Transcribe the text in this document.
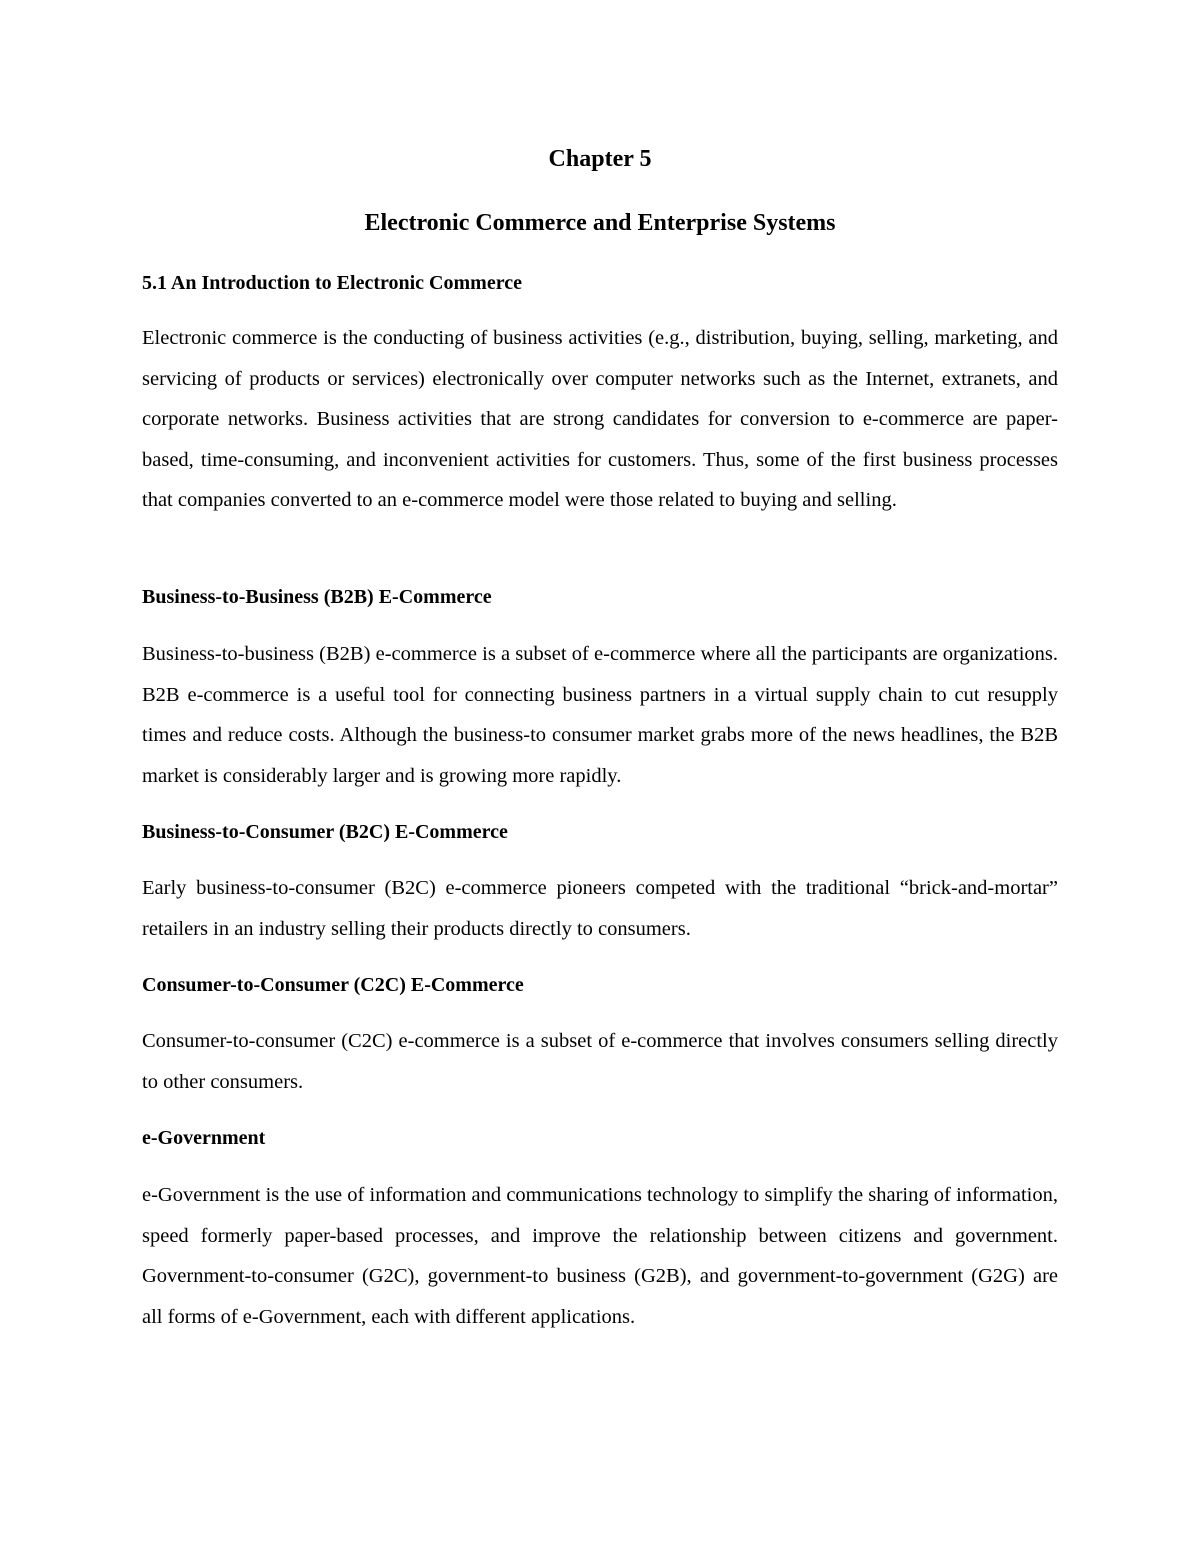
Chapter 5
Electronic Commerce and Enterprise Systems
5.1 An Introduction to Electronic Commerce

Electronic commerce is the conducting of business activities (e.g., distribution, buying, selling, marketing, and servicing of products or services) electronically over computer networks such as the Internet, extranets, and corporate networks. Business activities that are strong candidates for conversion to e-commerce are paper-based, time-consuming, and inconvenient activities for customers. Thus, some of the first business processes that companies converted to an e-commerce model were those related to buying and selling.

Business-to-Business (B2B) E-Commerce

Business-to-business (B2B) e-commerce is a subset of e-commerce where all the participants are organizations. B2B e-commerce is a useful tool for connecting business partners in a virtual supply chain to cut resupply times and reduce costs. Although the business-to consumer market grabs more of the news headlines, the B2B market is considerably larger and is growing more rapidly.

Business-to-Consumer (B2C) E-Commerce

Early business-to-consumer (B2C) e-commerce pioneers competed with the traditional “brick-and-mortar” retailers in an industry selling their products directly to consumers.

Consumer-to-Consumer (C2C) E-Commerce

Consumer-to-consumer (C2C) e-commerce is a subset of e-commerce that involves consumers selling directly to other consumers.

e-Government

e-Government is the use of information and communications technology to simplify the sharing of information, speed formerly paper-based processes, and improve the relationship between citizens and government. Government-to-consumer (G2C), government-to business (G2B), and government-to-government (G2G) are all forms of e-Government, each with different applications.
